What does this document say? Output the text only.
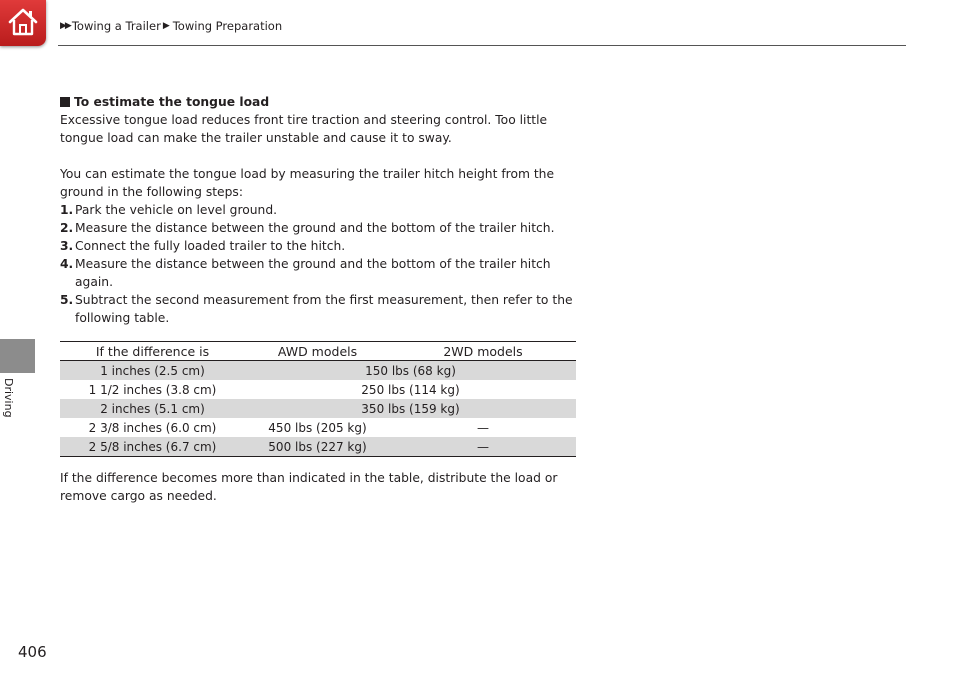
▶▶ Towing a Trailer ▶ Towing Preparation
Driving
To estimate the tongue load

Excessive tongue load reduces front tire traction and steering control. Too little tongue load can make the trailer unstable and cause it to sway.

You can estimate the tongue load by measuring the trailer hitch height from the ground in the following steps:

1. Park the vehicle on level ground.
2. Measure the distance between the ground and the bottom of the trailer hitch.
3. Connect the fully loaded trailer to the hitch.
4. Measure the distance between the ground and the bottom of the trailer hitch again.
5. Subtract the second measurement from the first measurement, then refer to the following table.
If the difference is	AWD models	2WD models
1 inches (2.5 cm)	150 lbs (68 kg)	
1 1/2 inches (3.8 cm)	250 lbs (114 kg)	
2 inches (5.1 cm)	350 lbs (159 kg)	
2 3/8 inches (6.0 cm)	450 lbs (205 kg)	—
2 5/8 inches (6.7 cm)	500 lbs (227 kg)	—

If the difference becomes more than indicated in the table, distribute the load or remove cargo as needed.

406
